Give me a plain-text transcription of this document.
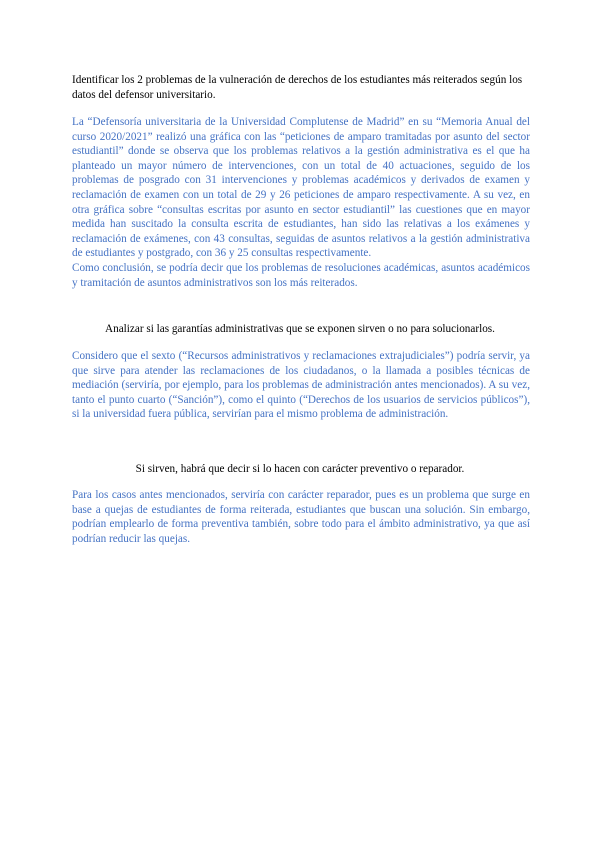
Identificar los 2 problemas de la vulneración de derechos de los estudiantes más reiterados según los datos del defensor universitario.

La “Defensoría universitaria de la Universidad Complutense de Madrid” en su “Memoria Anual del curso 2020/2021” realizó una gráfica con las “peticiones de amparo tramitadas por asunto del sector estudiantil” donde se observa que los problemas relativos a la gestión administrativa es el que ha planteado un mayor número de intervenciones, con un total de 40 actuaciones, seguido de los problemas de posgrado con 31 intervenciones y problemas académicos y derivados de examen y reclamación de examen con un total de 29 y 26 peticiones de amparo respectivamente. A su vez, en otra gráfica sobre “consultas escritas por asunto en sector estudiantil” las cuestiones que en mayor medida han suscitado la consulta escrita de estudiantes, han sido las relativas a los exámenes y reclamación de exámenes, con 43 consultas, seguidas de asuntos relativos a la gestión administrativa de estudiantes y postgrado, con 36 y 25 consultas respectivamente.

Como conclusión, se podría decir que los problemas de resoluciones académicas, asuntos académicos y tramitación de asuntos administrativos son los más reiterados.

Analizar si las garantías administrativas que se exponen sirven o no para solucionarlos.
Considero que el sexto (“Recursos administrativos y reclamaciones extrajudiciales”) podría servir, ya que sirve para atender las reclamaciones de los ciudadanos, o la llamada a posibles técnicas de mediación (serviría, por ejemplo, para los problemas de administración antes mencionados). A su vez, tanto el punto cuarto (“Sanción”), como el quinto (“Derechos de los usuarios de servicios públicos”), si la universidad fuera pública, servirían para el mismo problema de administración.
Si sirven, habrá que decir si lo hacen con carácter preventivo o reparador.
Para los casos antes mencionados, serviría con carácter reparador, pues es un problema que surge en base a quejas de estudiantes de forma reiterada, estudiantes que buscan una solución. Sin embargo, podrían emplearlo de forma preventiva también, sobre todo para el ámbito administrativo, ya que así podrían reducir las quejas.
